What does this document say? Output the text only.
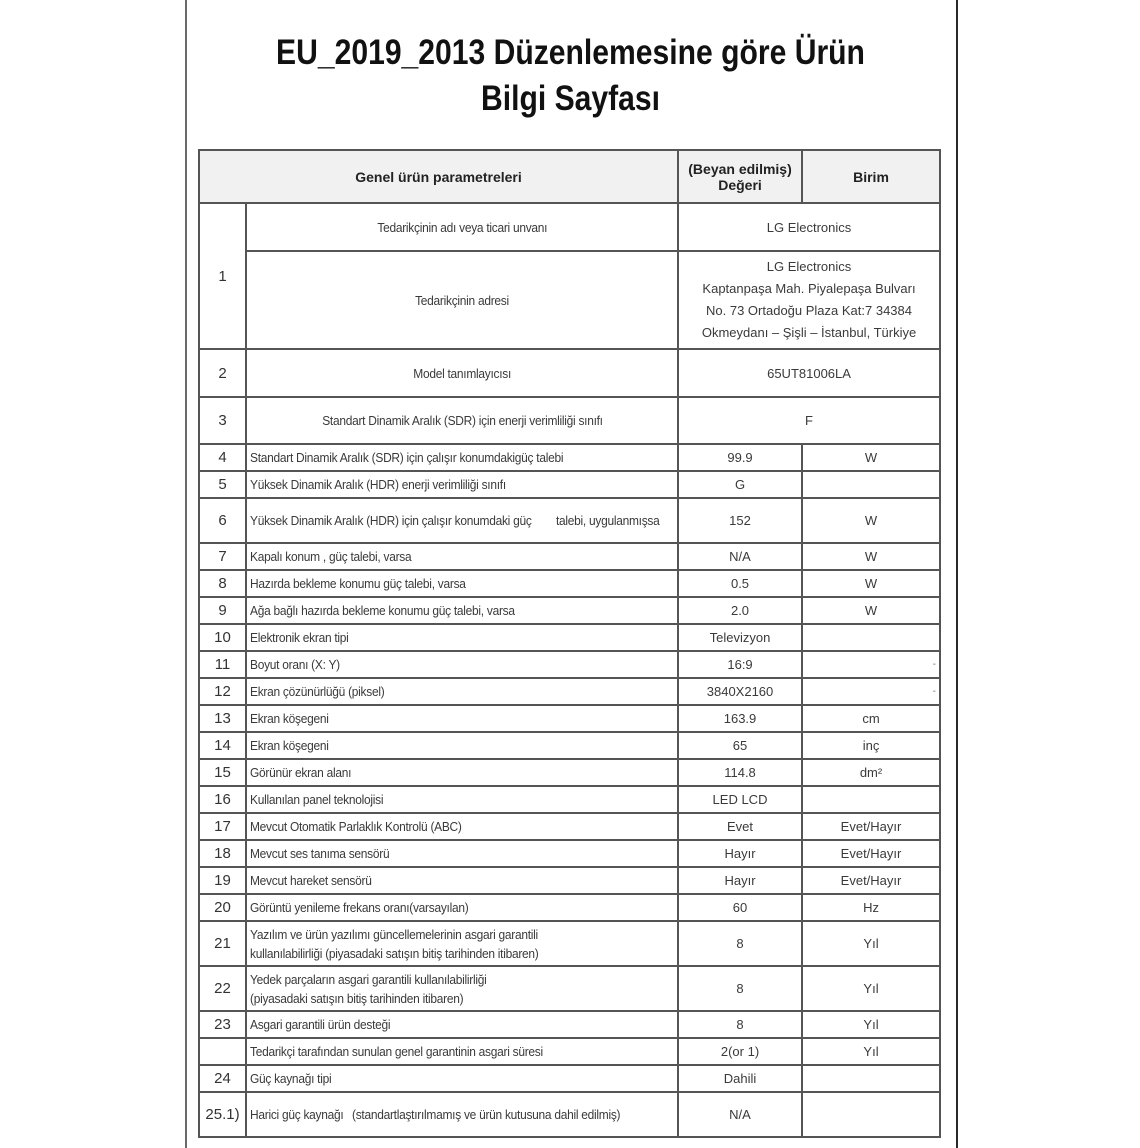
EU_2019_2013 Düzenlemesine göre Ürün
Bilgi Sayfası
Genel ürün parametreleri		(Beyan edilmiş)
Değeri	Birim
1	Tedarikçinin adı veya ticari unvanı	LG Electronics	
	Tedarikçinin adresi	LG Electronics
Kaptanpaşa Mah. Piyalepaşa Bulvarı
No. 73 Ortadoğu Plaza Kat:7 34384
Okmeydanı – Şişli – İstanbul, Türkiye	

2	Model tanımlayıcısı	65UT81006LA	
3	Standart Dinamik Aralık (SDR) için enerji verimliliği sınıfı	F	
4	Standart Dinamik Aralık (SDR) için çalışır konumdakigüç talebi	99.9	W
5	Yüksek Dinamik Aralık (HDR) enerji verimliliği sınıfı	G	
6	Yüksek Dinamik Aralık (HDR) için çalışır konumdaki güç talebi, uygulanmışsa	152	W
7	Kapalı konum , güç talebi, varsa	N/A	W
8	Hazırda bekleme konumu güç talebi, varsa	0.5	W
9	Ağa bağlı hazırda bekleme konumu güç talebi, varsa	2.0	W
10	Elektronik ekran tipi	Televizyon	
11	Boyut oranı (X: Y)	16:9	-
12	Ekran çözünürlüğü (piksel)	3840X2160	-
13	Ekran köşegeni	163.9	cm
14	Ekran köşegeni	65	inç
15	Görünür ekran alanı	114.8	dm²
16	Kullanılan panel teknolojisi	LED LCD	
17	Mevcut Otomatik Parlaklık Kontrolü (ABC)	Evet	Evet/Hayır
18	Mevcut ses tanıma sensörü	Hayır	Evet/Hayır
19	Mevcut hareket sensörü	Hayır	Evet/Hayır
20	Görüntü yenileme frekans oranı(varsayılan)	60	Hz
21	Yazılım ve ürün yazılımı güncellemelerinin asgari garantilikullanılabilirliği (piyasadaki satışın bitiş tarihinden itibaren)	8	Yıl
22	Yedek parçaların asgari garantili kullanılabilirliği(piyasadaki satışın bitiş tarihinden itibaren)	8	Yıl
23	Asgari garantili ürün desteği	8	Yıl
	Tedarikçi tarafından sunulan genel garantinin asgari süresi	2(or 1)	Yıl
24	Güç kaynağı tipi	Dahili	
25.1)	Harici güç kaynağı (standartlaştırılmamış ve ürün kutusuna dahil edilmiş)	N/A	
